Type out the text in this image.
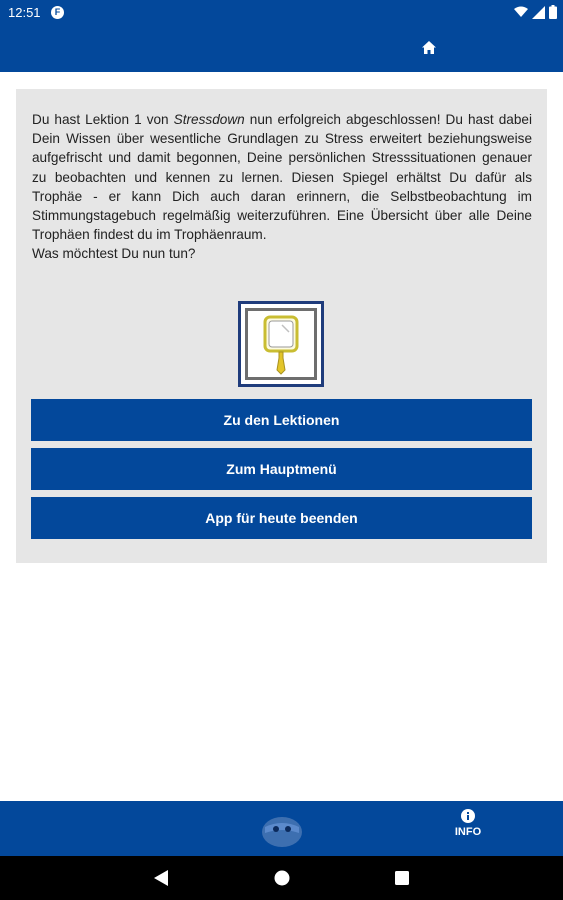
12:51	F
Du hast Lektion 1 von Stressdown nun erfolgreich abgeschlossen! Du hast dabei Dein Wissen über wesentliche Grundlagen zu Stress erweitert beziehungsweise aufgefrischt und damit begonnen, Deine persönlichen Stresssituationen genauer zu beobachten und kennen zu lernen. Diesen Spiegel erhältst Du dafür als Trophäe - er kann Dich auch daran erinnern, die Selbstbeobachtung im Stimmungstagebuch regelmäßig weiterzuführen. Eine Übersicht über alle Deine Trophäen findest du im Trophäenraum.
Was möchtest Du nun tun?
Zu den Lektionen
Zum Hauptmenü
App für heute beenden
INFO
